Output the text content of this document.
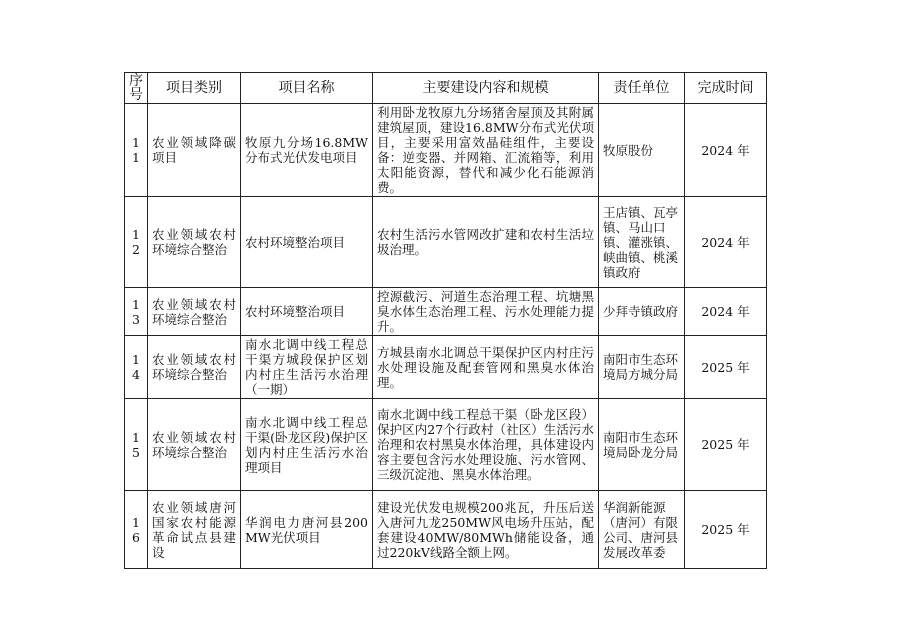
序号	项目类别	项目名称	主要建设内容和规模	责任单位	完成时间
11	农业领域降碳项目	牧原九分场16.8MW分布式光伏发电项目	利用卧龙牧原九分场猪舍屋顶及其附属建筑屋顶，建设16.8MW分布式光伏项目，主要采用富效晶硅组件，主要设备：逆变器、并网箱、汇流箱等，利用太阳能资源，替代和减少化石能源消费。	牧原股份	2024 年
12	农业领域农村环境综合整治	农村环境整治项目	农村生活污水管网改扩建和农村生活垃圾治理。	王店镇、瓦亭镇、马山口镇、灌涨镇、峡曲镇、桃溪镇政府	2024 年
13	农业领域农村环境综合整治	农村环境整治项目	控源截污、河道生态治理工程、坑塘黑臭水体生态治理工程、污水处理能力提升。	少拜寺镇政府	2024 年
14	农业领域农村环境综合整治	南水北调中线工程总干渠方城段保护区划内村庄生活污水治理（一期）	方城县南水北调总干渠保护区内村庄污水处理设施及配套管网和黑臭水体治理。	南阳市生态环境局方城分局	2025 年
15	农业领域农村环境综合整治	南水北调中线工程总干渠(卧龙区段)保护区划内村庄生活污水治理项目	南水北调中线工程总干渠（卧龙区段）保护区内27个行政村（社区）生活污水治理和农村黑臭水体治理，具体建设内容主要包含污水处理设施、污水管网、三级沉淀池、黑臭水体治理。	南阳市生态环境局卧龙分局	2025 年
16	农业领域唐河国家农村能源革命试点县建设	华润电力唐河县200MW光伏项目	建设光伏发电规模200兆瓦，升压后送入唐河九龙250MW风电场升压站，配套建设40MW/80MWh储能设备，通过220kV线路全额上网。	华润新能源（唐河）有限公司、唐河县发展改革委	2025 年
